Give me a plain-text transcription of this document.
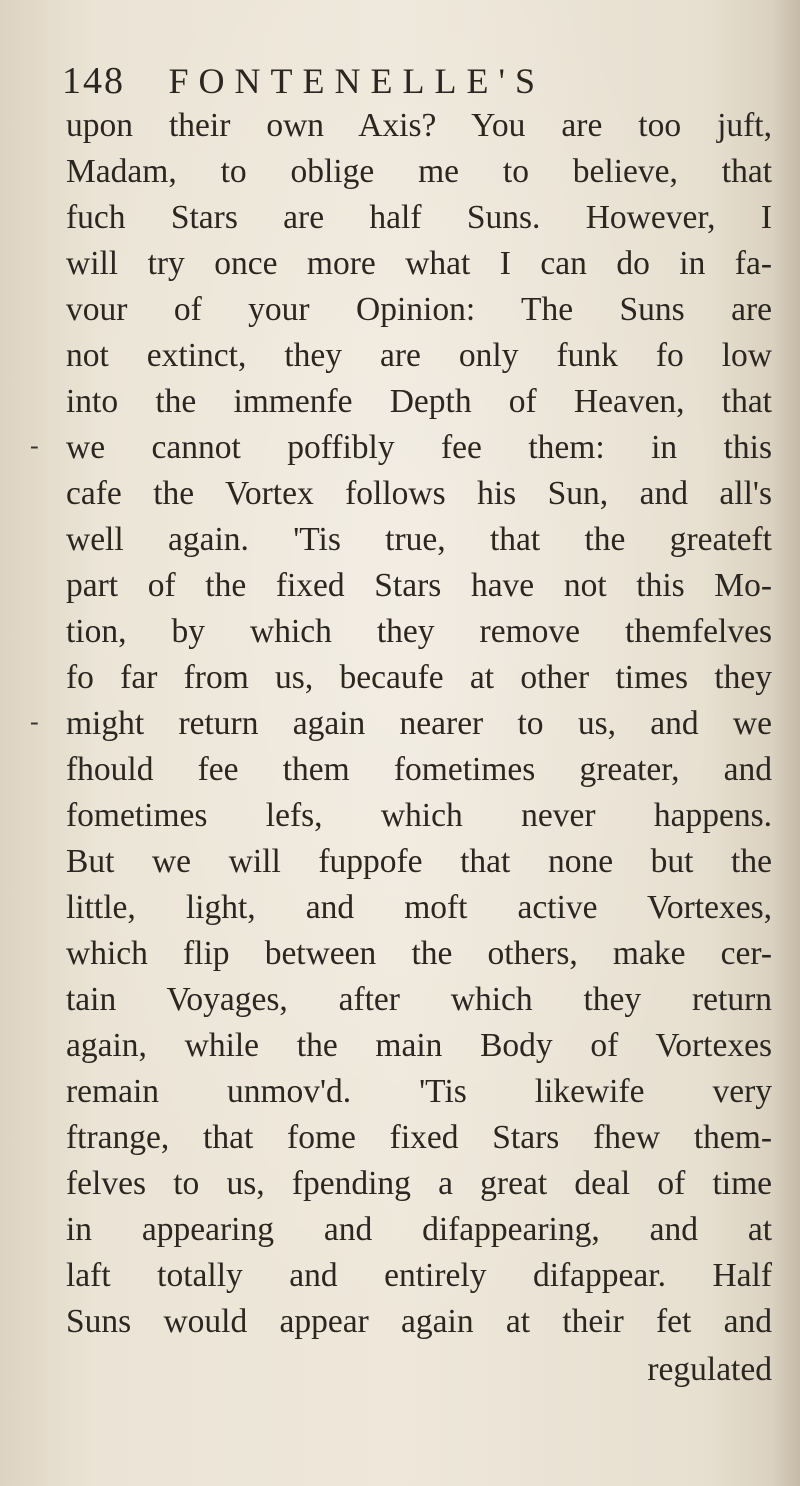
148 FONTENELLE'S
-
-
upon their own Axis? You are too juft,
Madam, to oblige me to believe, that
fuch Stars are half Suns. However, I
will try once more what I can do in fa-
vour of your Opinion: The Suns are
not extinct, they are only funk fo low
into the immenfe Depth of Heaven, that
we cannot poffibly fee them: in this
cafe the Vortex follows his Sun, and all's
well again. 'Tis true, that the greateft
part of the fixed Stars have not this Mo-
tion, by which they remove themfelves
fo far from us, becaufe at other times they
might return again nearer to us, and we
fhould fee them fometimes greater, and
fometimes lefs, which never happens.
But we will fuppofe that none but the
little, light, and moft active Vortexes,
which flip between the others, make cer-
tain Voyages, after which they return
again, while the main Body of Vortexes
remain unmov'd. 'Tis likewife very
ftrange, that fome fixed Stars fhew them-
felves to us, fpending a great deal of time
in appearing and difappearing, and at
laft totally and entirely difappear. Half
Suns would appear again at their fet and
regulated
